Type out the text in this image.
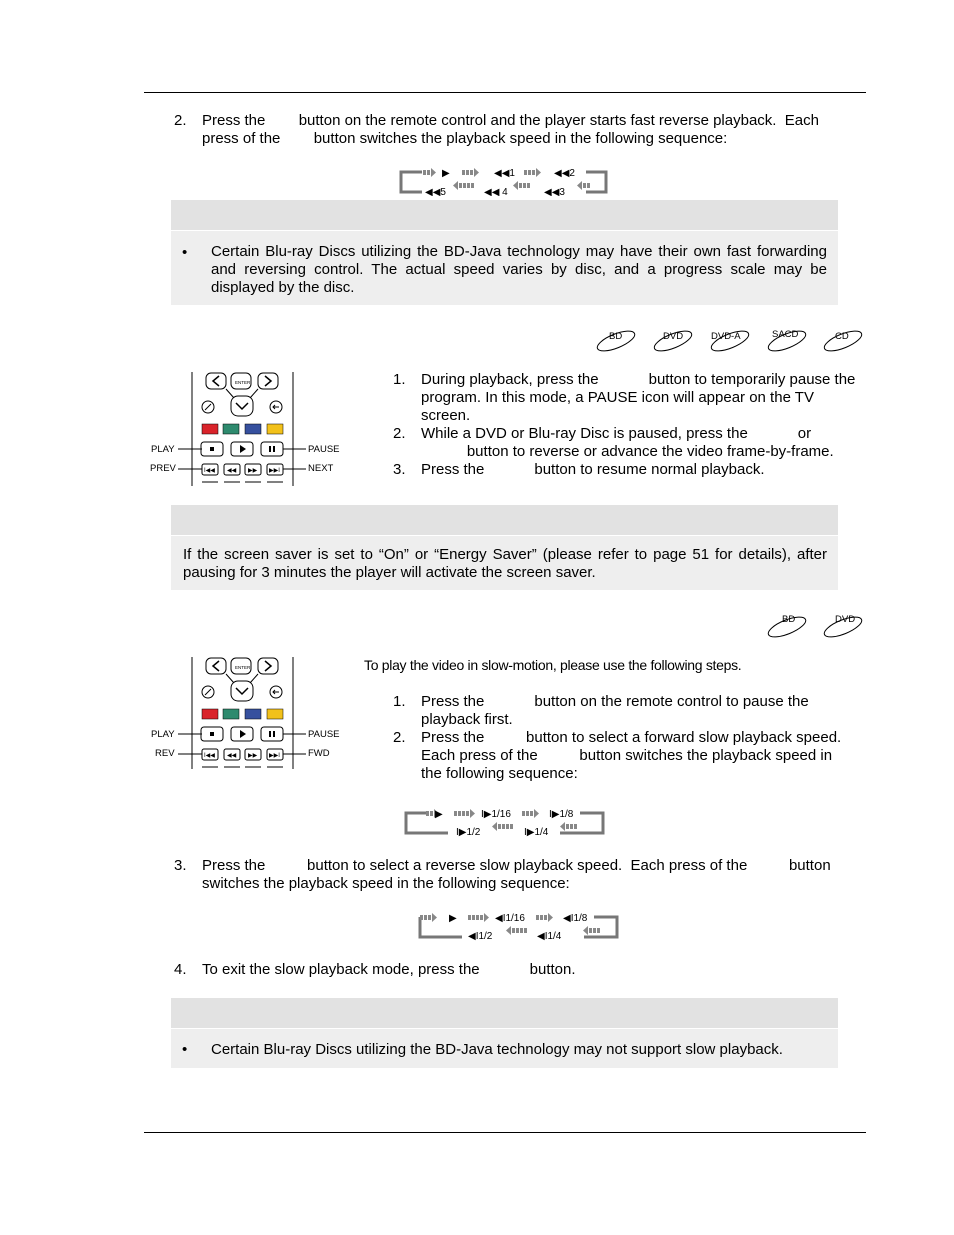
2. Press the        button on the remote control and the player starts fast reverse playback.  Each
press of the        button switches the playback speed in the following sequence:
▶	◀◀1	◀◀2
◀◀5	◀◀ 4	◀◀3
• Certain Blu-ray Discs utilizing the BD-Java technology may have their own fast forwarding and reversing control. The actual speed varies by disc, and a progress scale may be displayed by the disc.
BD	DVD	DVD-A	SACD	CD
ENTER
I◀◀ ◀◀ ▶▶ ▶▶I
PLAY	PAUSE
PREV	NEXT
1. During playback, press the            button to temporarily pause the program. In this mode, a PAUSE icon will appear on the TV screen.
2. While a DVD or Blu-ray Disc is paused, press the            or
button to reverse or advance the video frame-by-frame.
3. Press the            button to resume normal playback.
If the screen saver is set to “On” or “Energy Saver” (please refer to page 51 for details), after pausing for 3 minutes the player will activate the screen saver.
BD	DVD
ENTER
I◀◀ ◀◀ ▶▶ ▶▶I
PLAY	PAUSE
REV	FWD
To play the video in slow-motion, please use the following steps.
1. Press the            button on the remote control to pause the
playback first.
2. Press the          button to select a forward slow playback speed.
Each press of the          button switches the playback speed in
the following sequence:
▶	I▶1/16	I▶1/8
I▶1/2	I▶1/4
3. Press the          button to select a reverse slow playback speed.  Each press of the          button
switches the playback speed in the following sequence:
▶	◀I1/16	◀I1/8
◀I1/2	◀I1/4
4. To exit the slow playback mode, press the            button.
• Certain Blu-ray Discs utilizing the BD-Java technology may not support slow playback.
